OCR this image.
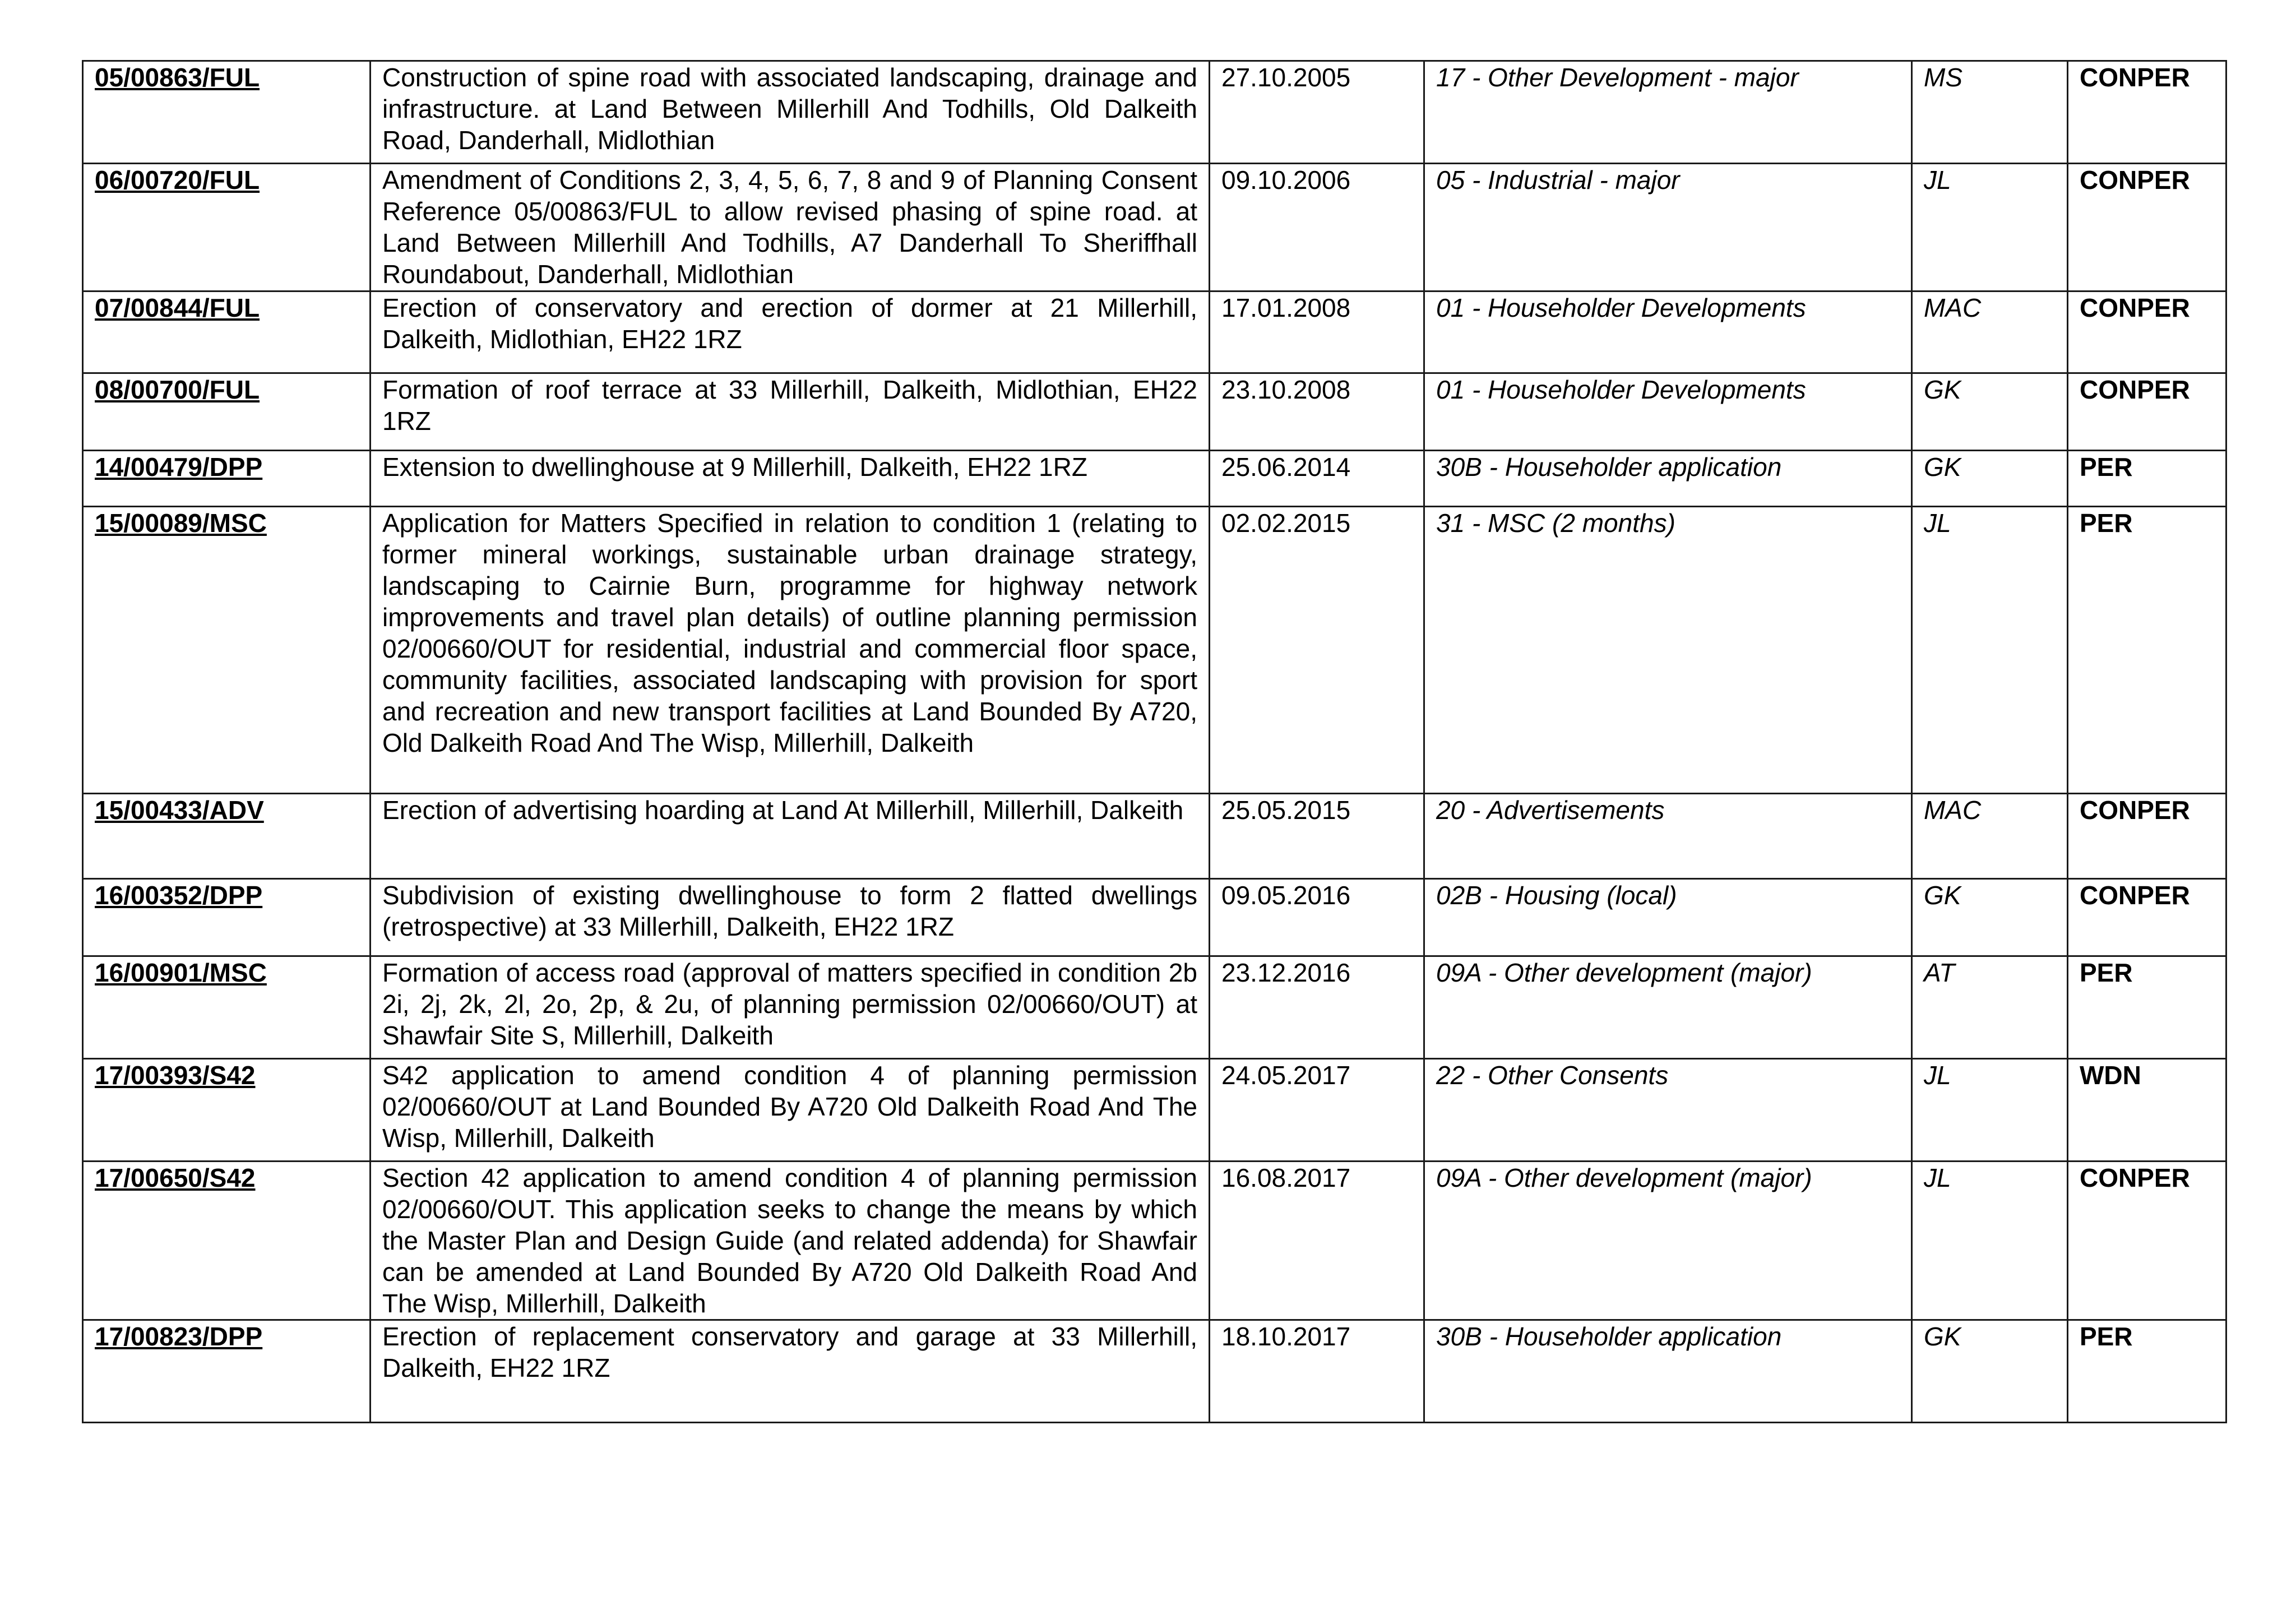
05/00863/FUL	Construction of spine road with associated landscaping, drainage and infrastructure. at Land Between Millerhill And Todhills, Old Dalkeith Road, Danderhall, Midlothian	27.10.2005	17 - Other Development - major	MS	CONPER
06/00720/FUL	Amendment of Conditions 2, 3, 4, 5, 6, 7, 8 and 9 of Planning Consent Reference 05/00863/FUL to allow revised phasing of spine road. at Land Between Millerhill And Todhills, A7 Danderhall To Sheriffhall Roundabout, Danderhall, Midlothian	09.10.2006	05 - Industrial - major	JL	CONPER
07/00844/FUL	Erection of conservatory and erection of dormer at 21 Millerhill, Dalkeith, Midlothian, EH22 1RZ	17.01.2008	01 - Householder Developments	MAC	CONPER
08/00700/FUL	Formation of roof terrace at 33 Millerhill, Dalkeith, Midlothian, EH22 1RZ	23.10.2008	01 - Householder Developments	GK	CONPER
14/00479/DPP	Extension to dwellinghouse at 9 Millerhill, Dalkeith, EH22 1RZ	25.06.2014	30B - Householder application	GK	PER
15/00089/MSC	Application for Matters Specified in relation to condition 1 (relating to former mineral workings, sustainable urban drainage strategy, landscaping to Cairnie Burn, programme for highway network improvements and travel plan details) of outline planning permission 02/00660/OUT for residential, industrial and commercial floor space, community facilities, associated landscaping with provision for sport and recreation and new transport facilities at Land Bounded By A720, Old Dalkeith Road And The Wisp, Millerhill, Dalkeith	02.02.2015	31 - MSC (2 months)	JL	PER
15/00433/ADV	Erection of advertising hoarding at Land At Millerhill, Millerhill, Dalkeith	25.05.2015	20 - Advertisements	MAC	CONPER
16/00352/DPP	Subdivision of existing dwellinghouse to form 2 flatted dwellings (retrospective) at 33 Millerhill, Dalkeith, EH22 1RZ	09.05.2016	02B - Housing (local)	GK	CONPER
16/00901/MSC	Formation of access road (approval of matters specified in condition 2b 2i, 2j, 2k, 2l, 2o, 2p, & 2u, of planning permission 02/00660/OUT) at Shawfair Site S, Millerhill, Dalkeith	23.12.2016	09A - Other development (major)	AT	PER
17/00393/S42	S42 application to amend condition 4 of planning permission 02/00660/OUT at Land Bounded By A720 Old Dalkeith Road And The Wisp, Millerhill, Dalkeith	24.05.2017	22 - Other Consents	JL	WDN
17/00650/S42	Section 42 application to amend condition 4 of planning permission 02/00660/OUT. This application seeks to change the means by which the Master Plan and Design Guide (and related addenda) for Shawfair can be amended at Land Bounded By A720 Old Dalkeith Road And The Wisp, Millerhill, Dalkeith	16.08.2017	09A - Other development (major)	JL	CONPER
17/00823/DPP	Erection of replacement conservatory and garage at 33 Millerhill, Dalkeith, EH22 1RZ	18.10.2017	30B - Householder application	GK	PER
